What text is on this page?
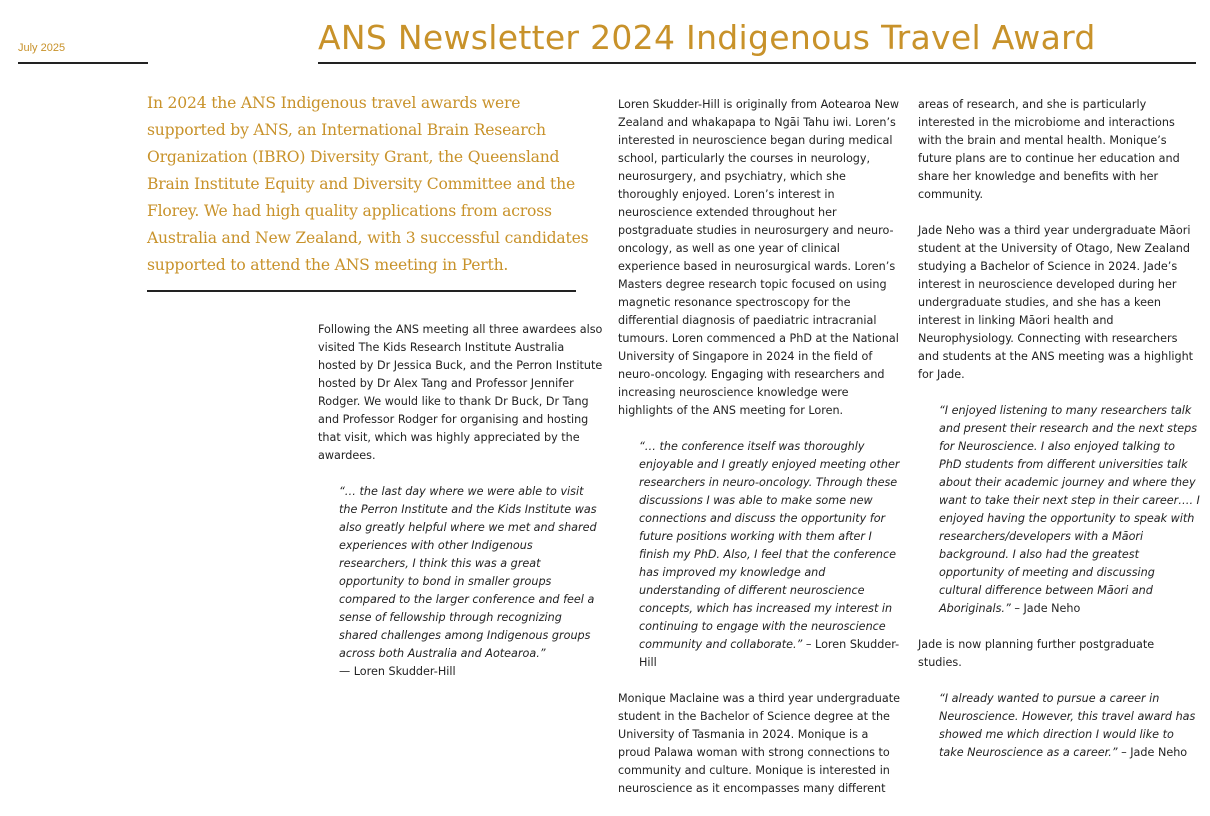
July 2025	ANS Newsletter 2024 Indigenous Travel Award

In 2024 the ANS Indigenous travel awards were supported by ANS, an International Brain Research Organization (IBRO) Diversity Grant, the Queensland Brain Institute Equity and Diversity Committee and the Florey. We had high quality applications from across Australia and New Zealand, with 3 successful candidates supported to attend the ANS meeting in Perth.

Following the ANS meeting all three awardees also visited The Kids Research Institute Australia hosted by Dr Jessica Buck, and the Perron Institute hosted by Dr Alex Tang and Professor Jennifer Rodger. We would like to thank Dr Buck, Dr Tang and Professor Rodger for organising and hosting that visit, which was highly appreciated by the awardees.

“… the last day where we were able to visit the Perron Institute and the Kids Institute was also greatly helpful where we met and shared experiences with other Indigenous researchers, I think this was a great opportunity to bond in smaller groups compared to the larger conference and feel a sense of fellowship through recognizing shared challenges among Indigenous groups across both Australia and Aotearoa.”
— Loren Skudder-Hill

Loren Skudder-Hill is originally from Aotearoa New Zealand and whakapapa to Ngāi Tahu iwi. Loren’s interested in neuroscience began during medical school, particularly the courses in neurology, neurosurgery, and psychiatry, which she thoroughly enjoyed. Loren’s interest in neuroscience extended throughout her postgraduate studies in neurosurgery and neuro-oncology, as well as one year of clinical experience based in neurosurgical wards. Loren’s Masters degree research topic focused on using magnetic resonance spectroscopy for the differential diagnosis of paediatric intracranial tumours. Loren commenced a PhD at the National University of Singapore in 2024 in the field of neuro-oncology. Engaging with researchers and increasing neuroscience knowledge were highlights of the ANS meeting for Loren.

“… the conference itself was thoroughly enjoyable and I greatly enjoyed meeting other researchers in neuro-oncology. Through these discussions I was able to make some new connections and discuss the opportunity for future positions working with them after I finish my PhD. Also, I feel that the conference has improved my knowledge and understanding of different neuroscience concepts, which has increased my interest in continuing to engage with the neuroscience community and collaborate.” – Loren Skudder-Hill

Monique Maclaine was a third year undergraduate student in the Bachelor of Science degree at the University of Tasmania in 2024. Monique is a proud Palawa woman with strong connections to community and culture. Monique is interested in neuroscience as it encompasses many different

areas of research, and she is particularly interested in the microbiome and interactions with the brain and mental health. Monique’s future plans are to continue her education and share her knowledge and benefits with her community.

Jade Neho was a third year undergraduate Māori student at the University of Otago, New Zealand studying a Bachelor of Science in 2024. Jade’s interest in neuroscience developed during her undergraduate studies, and she has a keen interest in linking Māori health and Neurophysiology. Connecting with researchers and students at the ANS meeting was a highlight for Jade.

“I enjoyed listening to many researchers talk and present their research and the next steps for Neuroscience. I also enjoyed talking to PhD students from different universities talk about their academic journey and where they want to take their next step in their career…. I enjoyed having the opportunity to speak with researchers/developers with a Māori background. I also had the greatest opportunity of meeting and discussing cultural difference between Māori and Aboriginals.” – Jade Neho

Jade is now planning further postgraduate studies.

“I already wanted to pursue a career in Neuroscience. However, this travel award has showed me which direction I would like to take Neuroscience as a career.” – Jade Neho
